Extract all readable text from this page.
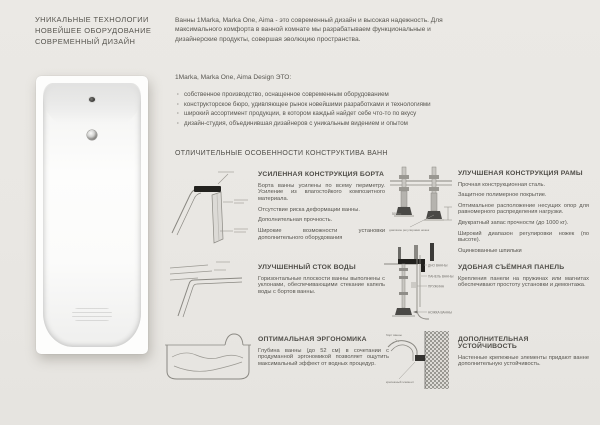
УНИКАЛЬНЫЕ ТЕХНОЛОГИИ
НОВЕЙШЕЕ ОБОРУДОВАНИЕ
СОВРЕМЕННЫЙ ДИЗАЙН
Ванны 1Marka, Marka One, Aima - это современный дизайн и высокая надежность. Для максимального комфорта в ванной комнате мы разрабатываем функциональные и дизайнерские продукты, совершая эволюцию пространства.
1Marka, Marka One, Aima Design ЭТО:
· собственное производство, оснащенное современным оборудованием
· конструкторское бюро, удивляющее рынок новейшими разработками и технологиями
· широкий ассортимент продукции, в котором каждый найдет себе что-то по вкусу
· дизайн-студия, объединившая дизайнеров с уникальным видением и опытом
ОТЛИЧИТЕЛЬНЫЕ ОСОБЕННОСТИ КОНСТРУКТИВА ВАНН
50 мм
диапазон регулировки ножек
ДНО ВАННЫ
ПАНЕЛЬ ВАННЫ
ПРУЖИНА
НОЖКА ВАННЫ
борт ванны
крепежный элемент
УСИЛЕННАЯ КОНСТРУКЦИЯ БОРТА

Борта ванны усилены по всему периметру. Усиление из влагостойкого композитного материала.

Отсутствие риска деформации ванны.

Дополнительная прочность.

Широкие возможности установки дополнительного оборудования

УЛУЧШЕННЫЙ СТОК ВОДЫ

Горизонтальные плоскости ванны выполнены с уклонами, обеспечивающими стекание капель воды с бортов ванны.

ОПТИМАЛЬНАЯ ЭРГОНОМИКА

Глубина ванны (до 52 см) в сочетании с продуманной эргономикой позволяет ощутить максимальный эффект от водных процедур.

УЛУЧШЕНАЯ КОНСТРУКЦИЯ РАМЫ

Прочная конструкционная сталь.

Защитное полимерное покрытие.

Оптимальное расположение несущих опор для равномерного распределения нагрузки.

Двукратный запас прочности (до 1000 кг).

Широкий диапазон регулировки ножек (по высоте).

Оцинкованные шпильки

УДОБНАЯ СЪЁМНАЯ ПАНЕЛЬ

Крепления панели на пружинах или магнитах обеспечивают простоту установки и демонтажа.

ДОПОЛНИТЕЛЬНАЯ УСТОЙЧИВОСТЬ

Настенные крепежные элементы придают ванне дополнительную устойчивость.
